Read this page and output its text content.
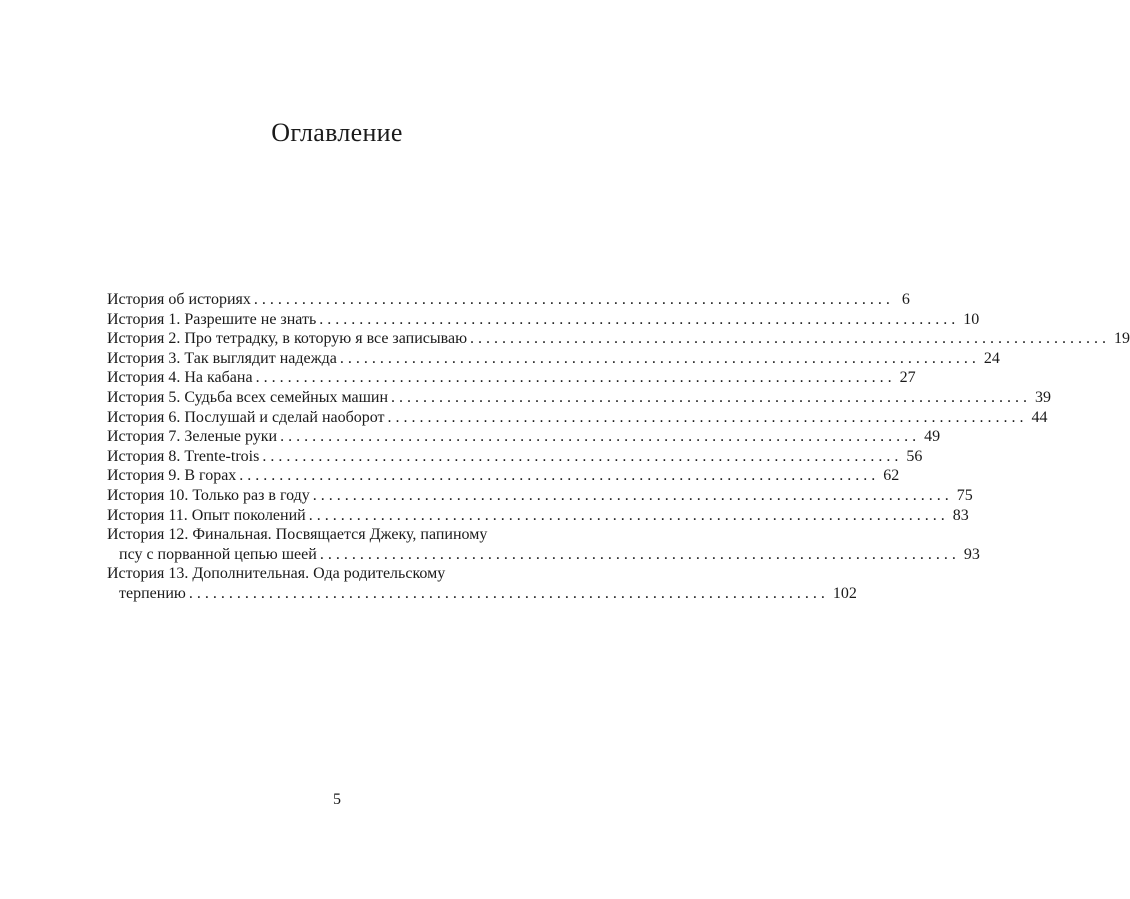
Оглавление
История об историях ................................................................................ 6
История 1. Разрешите не знать ................................................................................ 10
История 2. Про тетрадку, в которую я все записываю ................................................................................ 19
История 3. Так выглядит надежда ................................................................................ 24
История 4. На кабана ................................................................................ 27
История 5. Судьба всех семейных машин ................................................................................ 39
История 6. Послушай и сделай наоборот ................................................................................ 44
История 7. Зеленые руки ................................................................................ 49
История 8. Trente-trois ................................................................................ 56
История 9. В горах ................................................................................ 62
История 10. Только раз в году ................................................................................ 75
История 11. Опыт поколений ................................................................................ 83
История 12. Финальная. Посвящается Джеку, папиному
псу с порванной цепью шеей ................................................................................ 93
История 13. Дополнительная. Ода родительскому
терпению ................................................................................ 102
5
